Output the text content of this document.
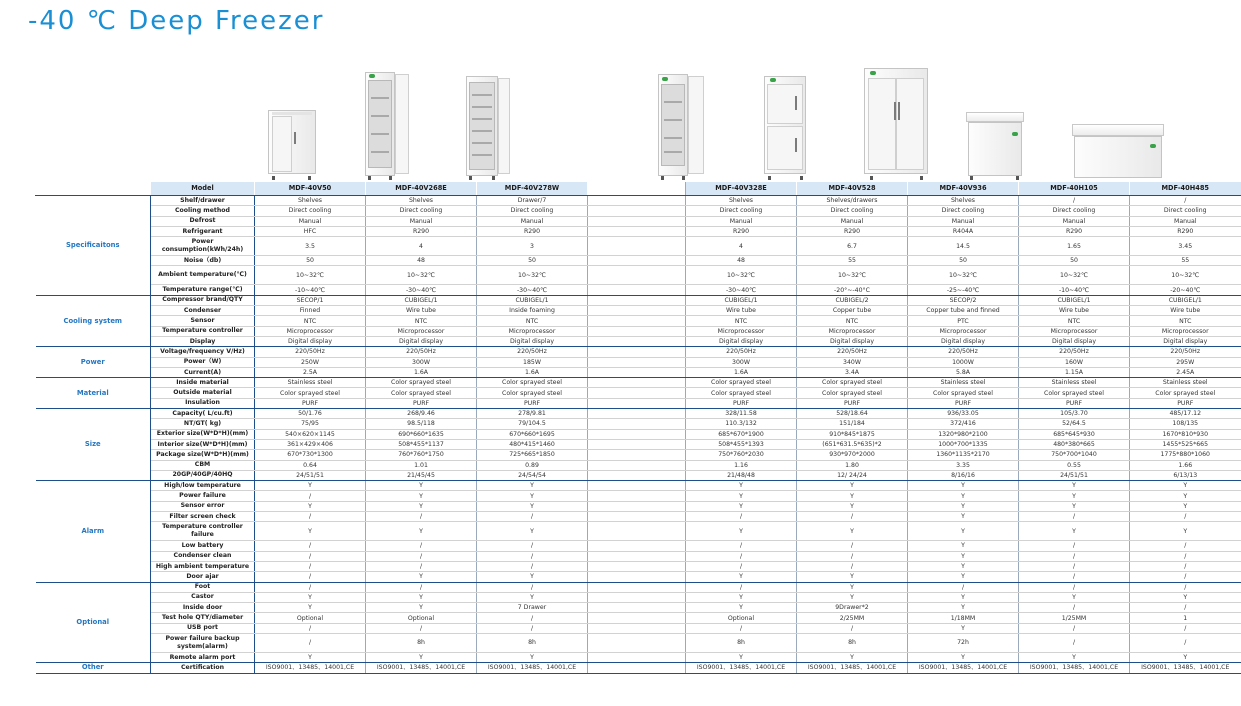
-40 ℃ Deep Freezer
	Model	MDF-40V50	MDF-40V268E	MDF-40V278W		MDF-40V328E	MDF-40V528	MDF-40V936	MDF-40H105	MDF-40H485
Specificaitons	Shelf/drawer	Shelves	Shelves	Drawer/7		Shelves	Shelves/drawers	Shelves	/	/
	Cooling method	Direct cooling	Direct cooling	Direct cooling		Direct cooling	Direct cooling	Direct cooling	Direct cooling	Direct cooling
	Defrost	Manual	Manual	Manual		Manual	Manual	Manual	Manual	Manual
	Refrigerant	HFC	R290	R290		R290	R290	R404A	R290	R290
	Power consumption(kWh/24h)	3.5	4	3		4	6.7	14.5	1.65	3.45
	Noise（db)	50	48	50		48	55	50	50	55
	Ambient temperature(℃)	10~32℃	10~32℃	10~32℃		10~32℃	10~32℃	10~32℃	10~32℃	10~32℃
	Temperature range(℃)	-10~40℃	-30~40℃	-30~40℃		-30~40℃	-20°~-40°C	-25~-40℃	-10~40℃	-20~40℃
Cooling system	Compressor brand/QTY	SECOP/1	CUBIGEL/1	CUBIGEL/1		CUBIGEL/1	CUBIGEL/2	SECOP/2	CUBIGEL/1	CUBIGEL/1
	Condenser	Finned	Wire tube	Inside foaming		Wire tube	Copper tube	Copper tube and finned	Wire tube	Wire tube
	Sensor	NTC	NTC	NTC		NTC	NTC	PTC	NTC	NTC
	Temperature controller	Microprocessor	Microprocessor	Microprocessor		Microprocessor	Microprocessor	Microprocessor	Microprocessor	Microprocessor
	Display	Digital display	Digital display	Digital display		Digital display	Digital display	Digital display	Digital display	Digital display
Power	Voltage/frequency V/Hz)	220/50Hz	220/50Hz	220/50Hz		220/50Hz	220/50Hz	220/50Hz	220/50Hz	220/50Hz
	Power（W)	250W	300W	185W		300W	340W	1000W	160W	295W
	Current(A)	2.5A	1.6A	1.6A		1.6A	3.4A	5.8A	1.15A	2.45A
Material	Inside material	Stainless steel	Color sprayed steel	Color sprayed steel		Color sprayed steel	Color sprayed steel	Stainless steel	Stainless steel	Stainless steel
	Outside material	Color sprayed steel	Color sprayed steel	Color sprayed steel		Color sprayed steel	Color sprayed steel	Color sprayed steel	Color sprayed steel	Color sprayed steel
	Insulation	PURF	PURF	PURF		PURF	PURF	PURF	PURF	PURF
Size	Capacity( L/cu.ft)	50/1.76	268/9.46	278/9.81		328/11.58	528/18.64	936/33.05	105/3.70	485/17.12
	NT/GT( kg)	75/95	98.5/118	79/104.5		110.3/132	151/184	372/416	52/64.5	108/135
	Exterior size(W*D*H)(mm)	540×620×1145	690*660*1635	670*660*1695		685*670*1900	910*845*1875	1320*980*2100	685*645*930	1670*810*930
	Interior size(W*D*H)(mm)	361×429×406	508*455*1137	480*415*1460		508*455*1393	(651*631.5*635)*2	1000*700*1335	480*380*665	1455*525*665
	Package size(W*D*H)(mm)	670*730*1300	760*760*1750	725*665*1850		750*760*2030	930*970*2000	1360*1135*2170	750*700*1040	1775*880*1060
	CBM	0.64	1.01	0.89		1.16	1.80	3.35	0.55	1.66
	20GP/40GP/40HQ	24/51/51	21/45/45	24/54/54		21/48/48	12/ 24/24	8/16/16	24/51/51	6/13/13
Alarm	High/low temperature	Y	Y	Y		Y	Y	Y	Y	Y
	Power failure	/	Y	Y		Y	Y	Y	Y	Y
	Sensor error	Y	Y	Y		Y	Y	Y	Y	Y
	Filter screen check	/	/	/		/	/	Y	/	/
	Temperature controller failure	Y	Y	Y		Y	Y	Y	Y	Y
	Low battery	/	/	/		/	/	Y	/	/
	Condenser clean	/	/	/		/	/	Y	/	/
	High ambient temperature	/	/	/		/	/	Y	/	/
	Door ajar	/	Y	Y		Y	Y	Y	/	/
Optional	Foot	/	/	/		/	Y	/	/	/
	Castor	Y	Y	Y		Y	Y	Y	Y	Y
	Inside door	Y	Y	7 Drawer		Y	9Drawer*2	Y	/	/
	Test hole QTY/diameter	Optional	Optional	/		Optional	2/25MM	1/18MM	1/25MM	1
	USB port	/	/	/		/	/	Y	/	/
	Power failure backup system(alarm)	/	8h	8h		8h	8h	72h	/	/
	Remote alarm port	Y	Y	Y		Y	Y	Y	Y	Y
Other	Certification	ISO9001、13485、14001,CE	ISO9001、13485、14001,CE	ISO9001、13485、14001,CE		ISO9001、13485、14001,CE	ISO9001、13485、14001,CE	ISO9001、13485、14001,CE	ISO9001、13485、14001,CE	ISO9001、13485、14001,CE
